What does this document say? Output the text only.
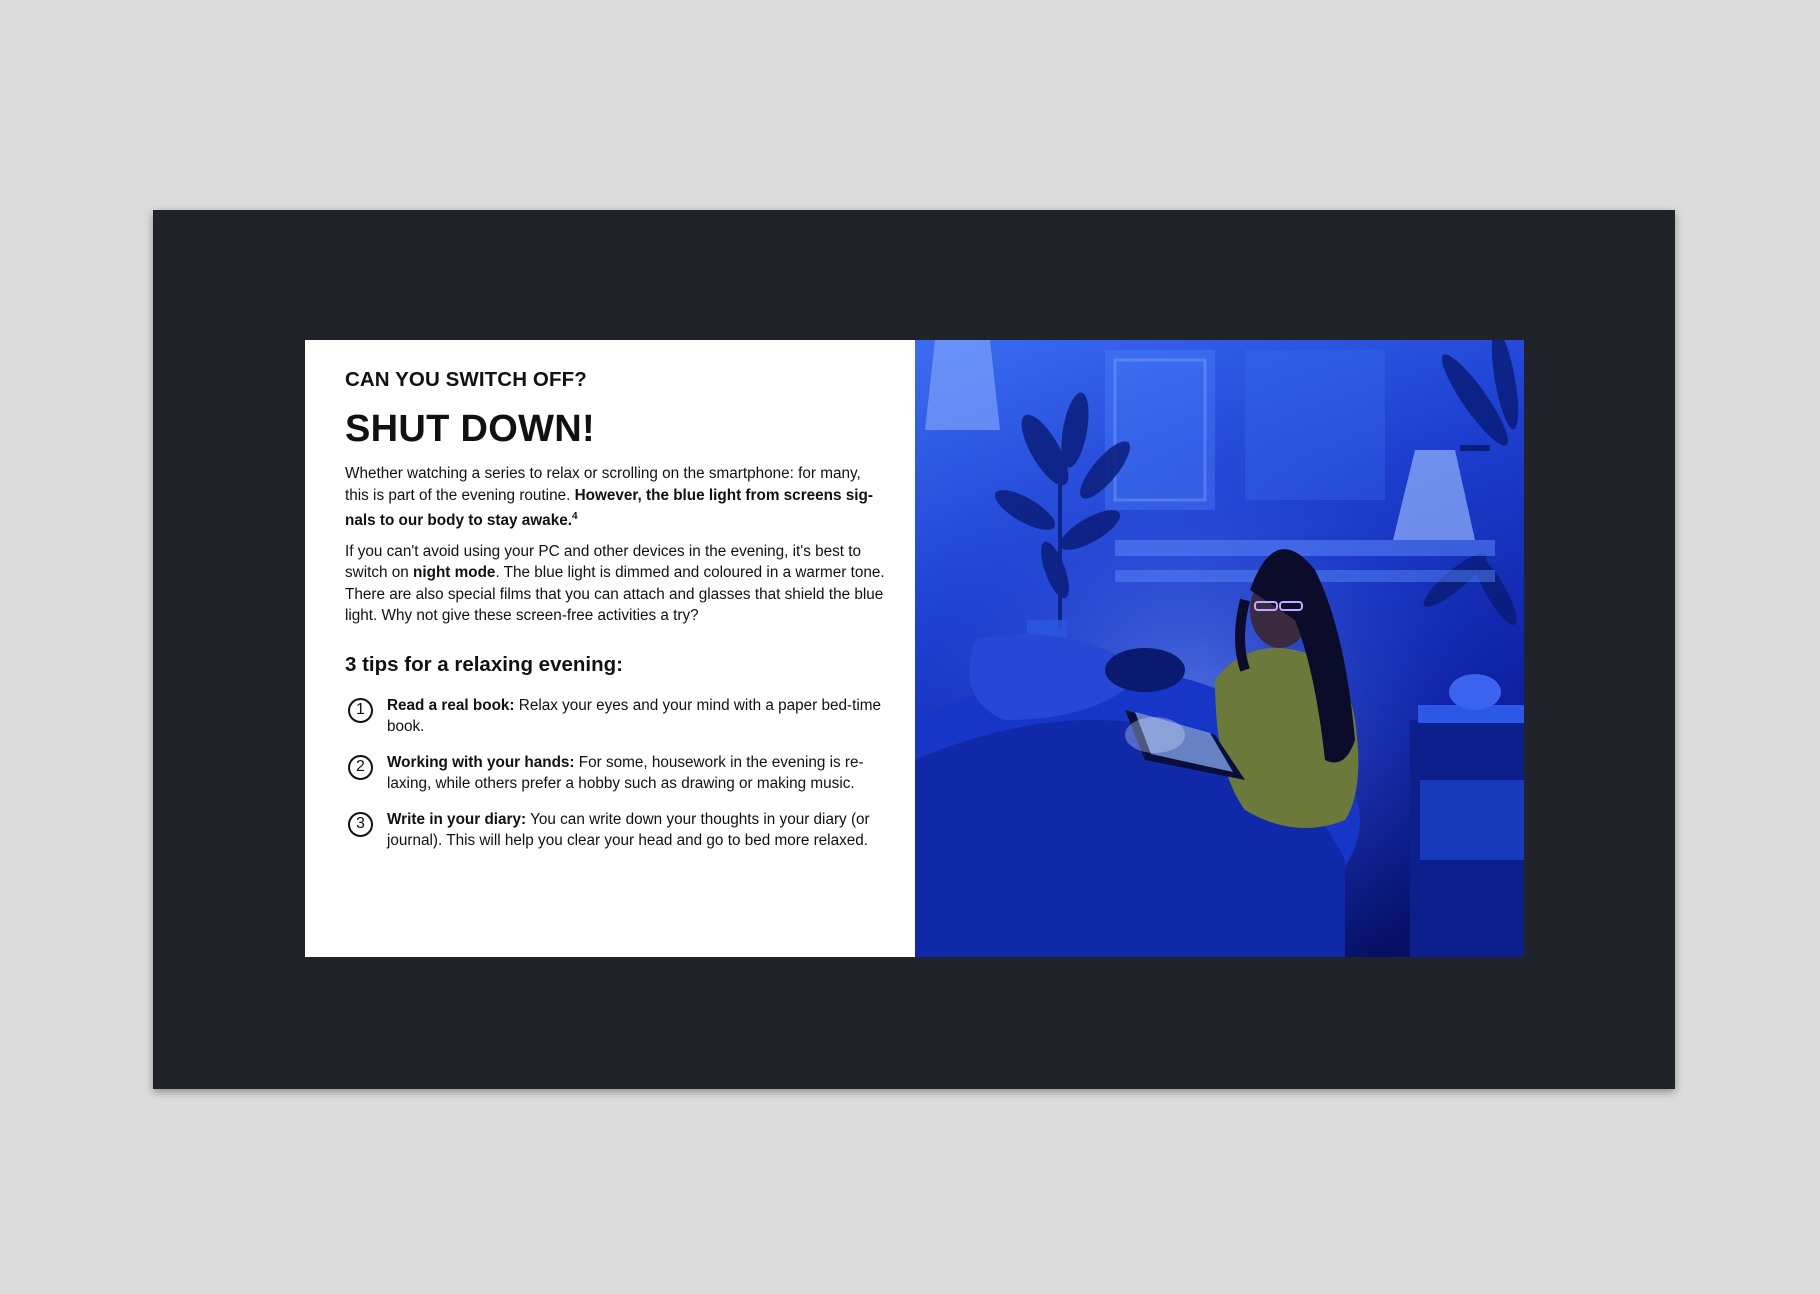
CAN YOU SWITCH OFF?

SHUT DOWN!

Whether watching a series to relax or scrolling on the smartphone: for many, this is part of the evening routine. However, the blue light from screens sig-nals to our body to stay awake.$^4$

If you can't avoid using your PC and other devices in the evening, it's best to switch on night mode. The blue light is dimmed and coloured in a warmer tone. There are also special films that you can attach and glasses that shield the blue light. Why not give these screen-free activities a try?

3 tips for a relaxing evening:
1	Read a real book: Relax your eyes and your mind with a paper bed-time book.
2	Working with your hands: For some, housework in the evening is re-laxing, while others prefer a hobby such as drawing or making music.
3	Write in your diary: You can write down your thoughts in your diary (or journal). This will help you clear your head and go to bed more relaxed.
